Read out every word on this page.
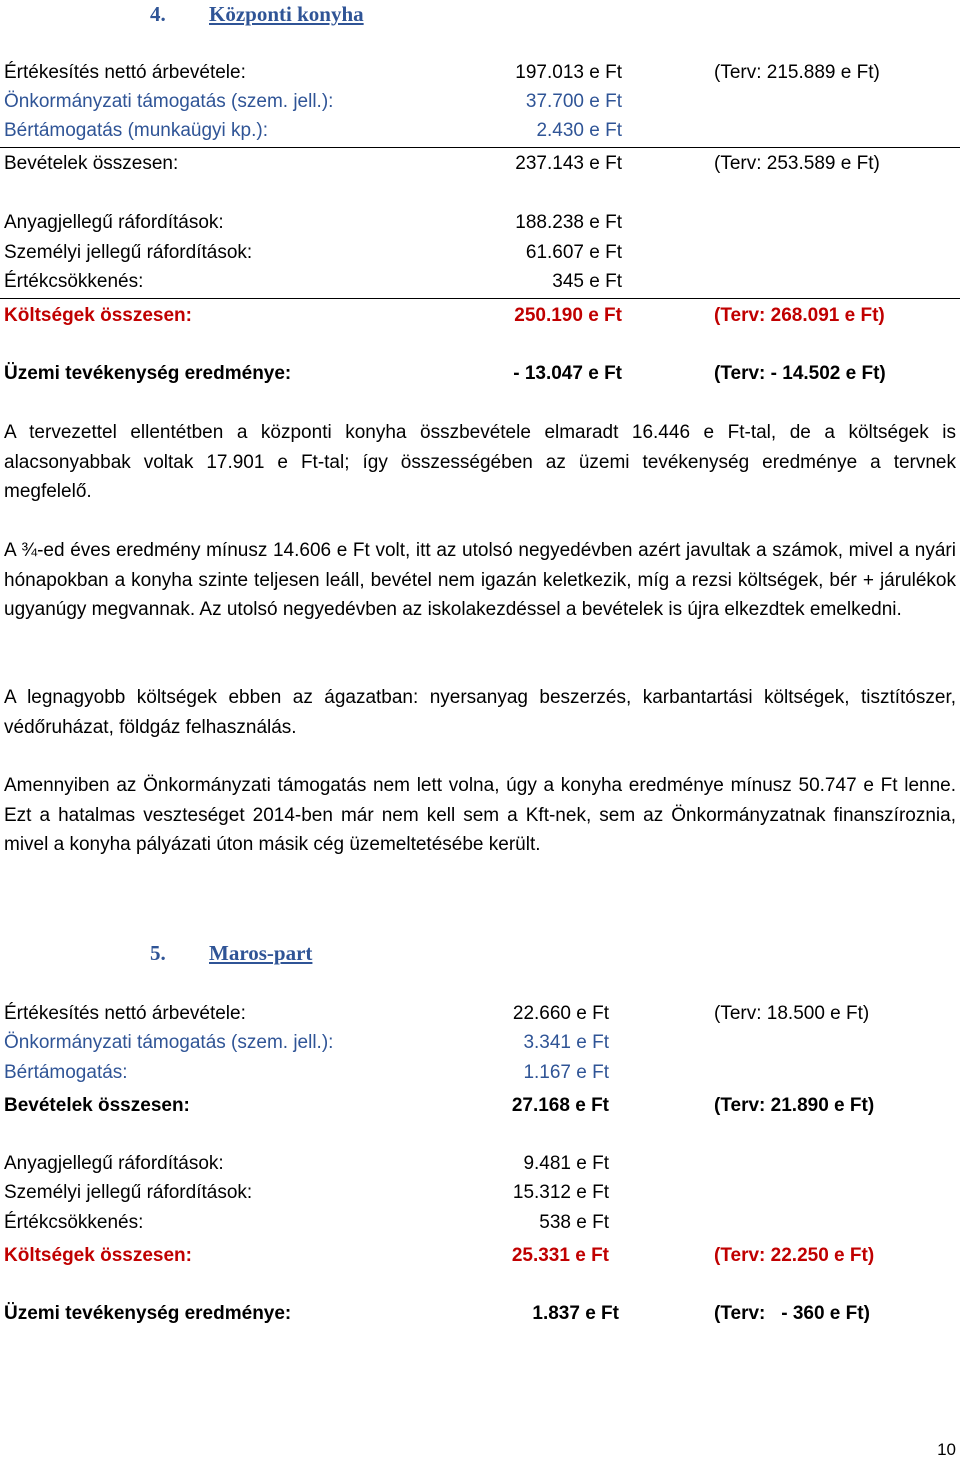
4. Központi konyha
Értékesítés nettó árbevétele:	197.013 e Ft	(Terv: 215.889 e Ft)
Önkormányzati támogatás (szem. jell.):	37.700 e Ft
Bértámogatás (munkaügyi kp.):	2.430 e Ft
Bevételek összesen:	237.143 e Ft	(Terv: 253.589 e Ft)
Anyagjellegű ráfordítások:	188.238 e Ft
Személyi jellegű ráfordítások:	61.607 e Ft
Értékcsökkenés:	345 e Ft
Költségek összesen:	250.190 e Ft	(Terv: 268.091 e Ft)
Üzemi tevékenység eredménye:	- 13.047 e Ft	(Terv: - 14.502 e Ft)
A tervezettel ellentétben a központi konyha összbevétele elmaradt 16.446 e Ft-tal, de a költségek is alacsonyabbak voltak 17.901 e Ft-tal; így összességében az üzemi tevékenység eredménye a tervnek megfelelő.
A ¾-ed éves eredmény mínusz 14.606 e Ft volt, itt az utolsó negyedévben azért javultak a számok, mivel a nyári hónapokban a konyha szinte teljesen leáll, bevétel nem igazán keletkezik, míg a rezsi költségek, bér + járulékok ugyanúgy megvannak. Az utolsó negyedévben az iskolakezdéssel a bevételek is újra elkezdtek emelkedni.
A legnagyobb költségek ebben az ágazatban: nyersanyag beszerzés, karbantartási költségek, tisztítószer, védőruházat, földgáz felhasználás.
Amennyiben az Önkormányzati támogatás nem lett volna, úgy a konyha eredménye mínusz 50.747 e Ft lenne. Ezt a hatalmas veszteséget 2014-ben már nem kell sem a Kft-nek, sem az Önkormányzatnak finanszíroznia, mivel a konyha pályázati úton másik cég üzemeltetésébe került.
5. Maros-part
Értékesítés nettó árbevétele:	22.660 e Ft	(Terv: 18.500 e Ft)
Önkormányzati támogatás (szem. jell.):	3.341 e Ft
Bértámogatás:	1.167 e Ft
Bevételek összesen:	27.168 e Ft	(Terv: 21.890 e Ft)
Anyagjellegű ráfordítások:	9.481 e Ft
Személyi jellegű ráfordítások:	15.312 e Ft
Értékcsökkenés:	538 e Ft
Költségek összesen:	25.331 e Ft	(Terv: 22.250 e Ft)
Üzemi tevékenység eredménye:	1.837 e Ft	(Terv:   - 360 e Ft)
10
